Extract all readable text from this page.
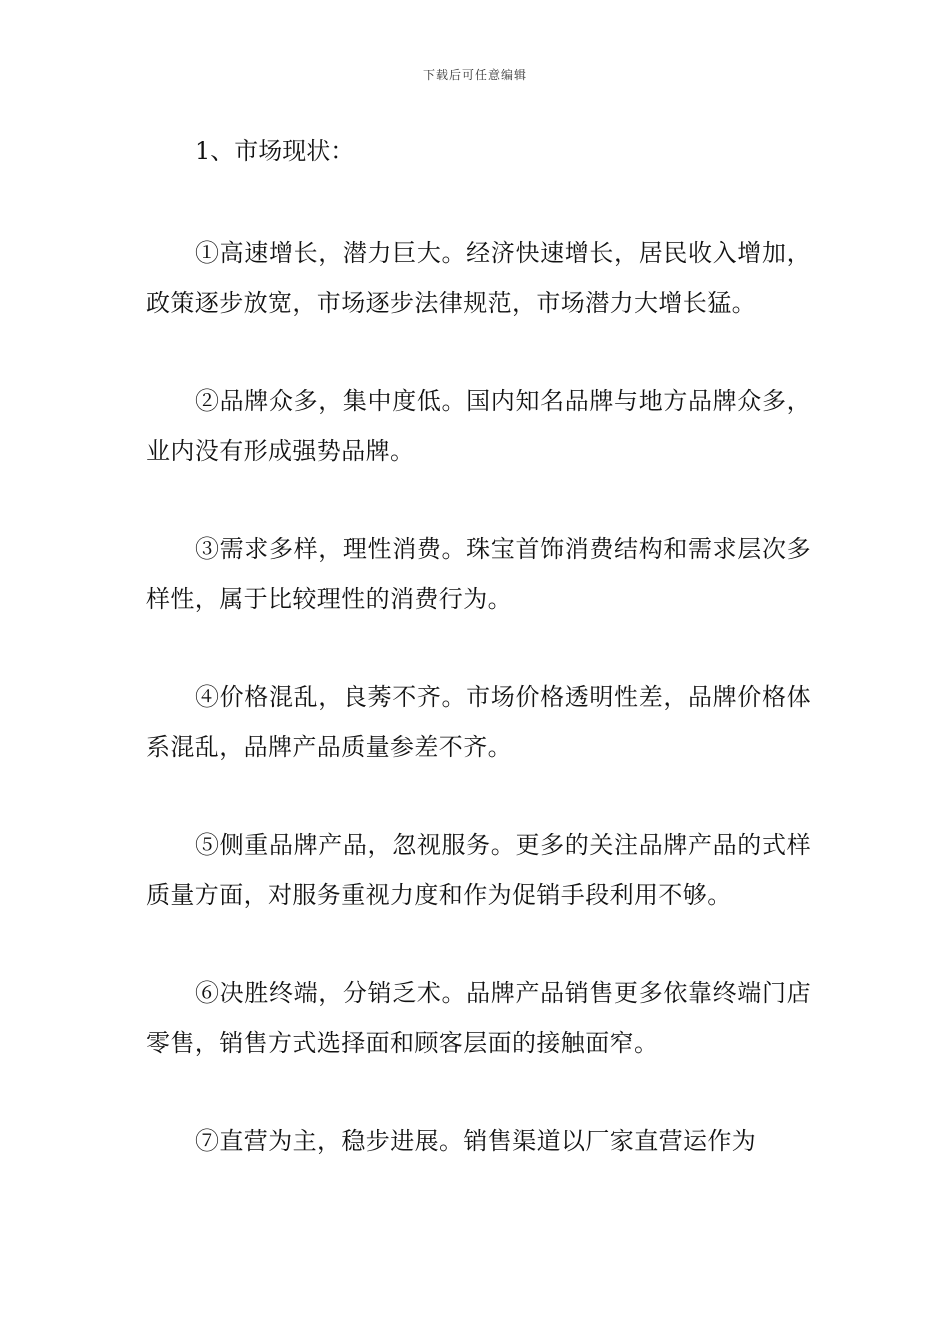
下载后可任意编辑

1、市场现状：

①高速增长，潜力巨大。经济快速增长，居民收入增加，政策逐步放宽，市场逐步法律规范，市场潜力大增长猛。

②品牌众多，集中度低。国内知名品牌与地方品牌众多，业内没有形成强势品牌。

③需求多样，理性消费。珠宝首饰消费结构和需求层次多样性，属于比较理性的消费行为。

④价格混乱，良莠不齐。市场价格透明性差，品牌价格体系混乱，品牌产品质量参差不齐。

⑤侧重品牌产品，忽视服务。更多的关注品牌产品的式样质量方面，对服务重视力度和作为促销手段利用不够。

⑥决胜终端，分销乏术。品牌产品销售更多依靠终端门店零售，销售方式选择面和顾客层面的接触面窄。

⑦直营为主，稳步进展。销售渠道以厂家直营运作为
